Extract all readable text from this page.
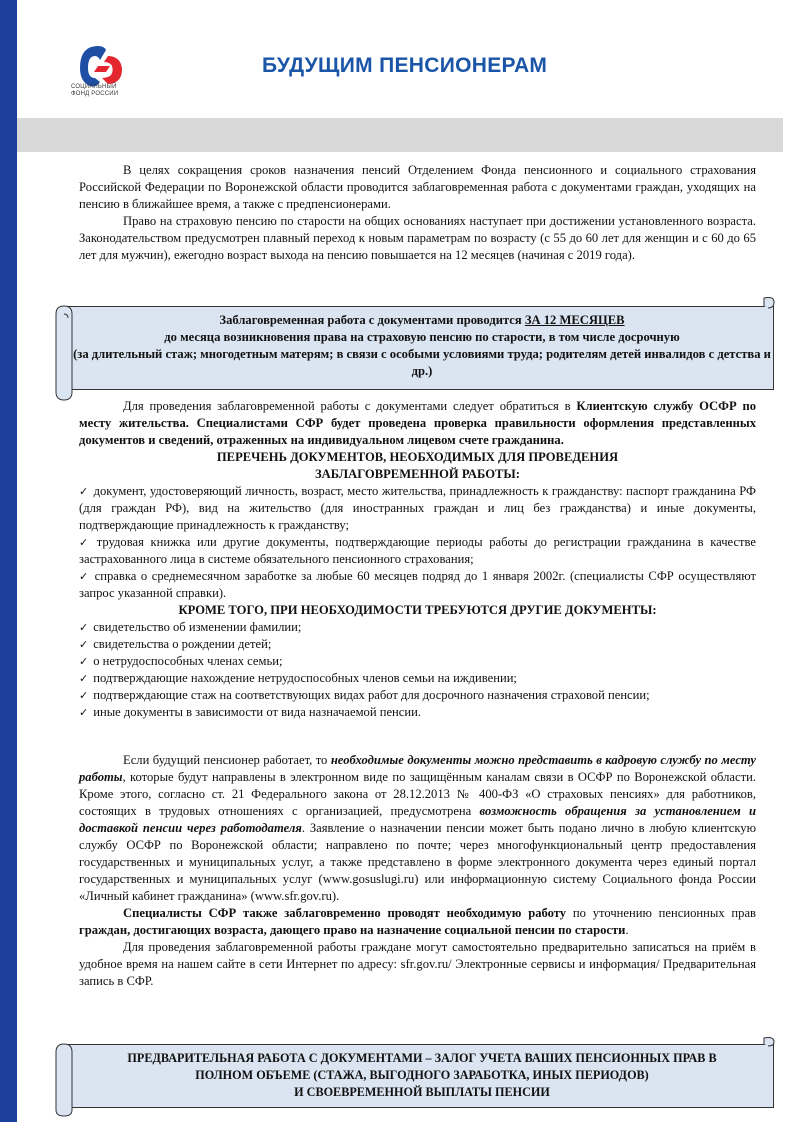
СОЦИАЛЬНЫЙ ФОНД РОССИИ
БУДУЩИМ ПЕНСИОНЕРАМ

В целях сокращения сроков назначения пенсий Отделением Фонда пенсионного и социального страхования Российской Федерации по Воронежской области проводится заблаговременная работа с документами граждан, уходящих на пенсию в ближайшее время, а также с предпенсионерами.

Право на страховую пенсию по старости на общих основаниях наступает при достижении установленного возраста. Законодательством предусмотрен плавный переход к новым параметрам по возрасту (с 55 до 60 лет для женщин и с 60 до 65 лет для мужчин), ежегодно возраст выхода на пенсию повышается на 12 месяцев (начиная с 2019 года).

Заблаговременная работа с документами проводится ЗА 12 МЕСЯЦЕВ
до месяца возникновения права на страховую пенсию по старости, в том числе досрочную
(за длительный стаж; многодетным матерям; в связи с особыми условиями труда; родителям детей инвалидов с детства и др.)

Для проведения заблаговременной работы с документами следует обратиться в Клиентскую службу ОСФР по месту жительства. Специалистами СФР будет проведена проверка правильности оформления представленных документов и сведений, отраженных на индивидуальном лицевом счете гражданина.

ПЕРЕЧЕНЬ ДОКУМЕНТОВ, НЕОБХОДИМЫХ ДЛЯ ПРОВЕДЕНИЯ ЗАБЛАГОВРЕМЕННОЙ РАБОТЫ:

✓ документ, удостоверяющий личность, возраст, место жительства, принадлежность к гражданству: паспорт гражданина РФ (для граждан РФ), вид на жительство (для иностранных граждан и лиц без гражданства) и иные документы, подтверждающие принадлежность к гражданству;

✓ трудовая книжка или другие документы, подтверждающие периоды работы до регистрации гражданина в качестве застрахованного лица в системе обязательного пенсионного страхования;

✓ справка о среднемесячном заработке за любые 60 месяцев подряд до 1 января 2002г. (специалисты СФР осуществляют запрос указанной справки).

КРОМЕ ТОГО, ПРИ НЕОБХОДИМОСТИ ТРЕБУЮТСЯ ДРУГИЕ ДОКУМЕНТЫ:

✓ свидетельство об изменении фамилии;

✓ свидетельства о рождении детей;

✓ о нетрудоспособных членах семьи;

✓ подтверждающие нахождение нетрудоспособных членов семьи на иждивении;

✓ подтверждающие стаж на соответствующих видах работ для досрочного назначения страховой пенсии;

✓ иные документы в зависимости от вида назначаемой пенсии.

Если будущий пенсионер работает, то необходимые документы можно представить в кадровую службу по месту работы, которые будут направлены в электронном виде по защищённым каналам связи в ОСФР по Воронежской области. Кроме этого, согласно ст. 21 Федерального закона от 28.12.2013 № 400-ФЗ «О страховых пенсиях» для работников, состоящих в трудовых отношениях с организацией, предусмотрена возможность обращения за установлением и доставкой пенсии через работодателя. Заявление о назначении пенсии может быть подано лично в любую клиентскую службу ОСФР по Воронежской области; направлено по почте; через многофункциональный центр предоставления государственных и муниципальных услуг, а также представлено в форме электронного документа через единый портал государственных и муниципальных услуг (www.gosuslugi.ru) или информационную систему Социального фонда России «Личный кабинет гражданина» (www.sfr.gov.ru).

Специалисты СФР также заблаговременно проводят необходимую работу по уточнению пенсионных прав граждан, достигающих возраста, дающего право на назначение социальной пенсии по старости.

Для проведения заблаговременной работы граждане могут самостоятельно предварительно записаться на приём в удобное время на нашем сайте в сети Интернет по адресу: sfr.gov.ru/ Электронные сервисы и информация/ Предварительная запись в СФР.

ПРЕДВАРИТЕЛЬНАЯ РАБОТА С ДОКУМЕНТАМИ – ЗАЛОГ УЧЕТА ВАШИХ ПЕНСИОННЫХ ПРАВ В
ПОЛНОМ ОБЪЕМЕ (СТАЖА, ВЫГОДНОГО ЗАРАБОТКА, ИНЫХ ПЕРИОДОВ)
И СВОЕВРЕМЕННОЙ ВЫПЛАТЫ ПЕНСИИ
